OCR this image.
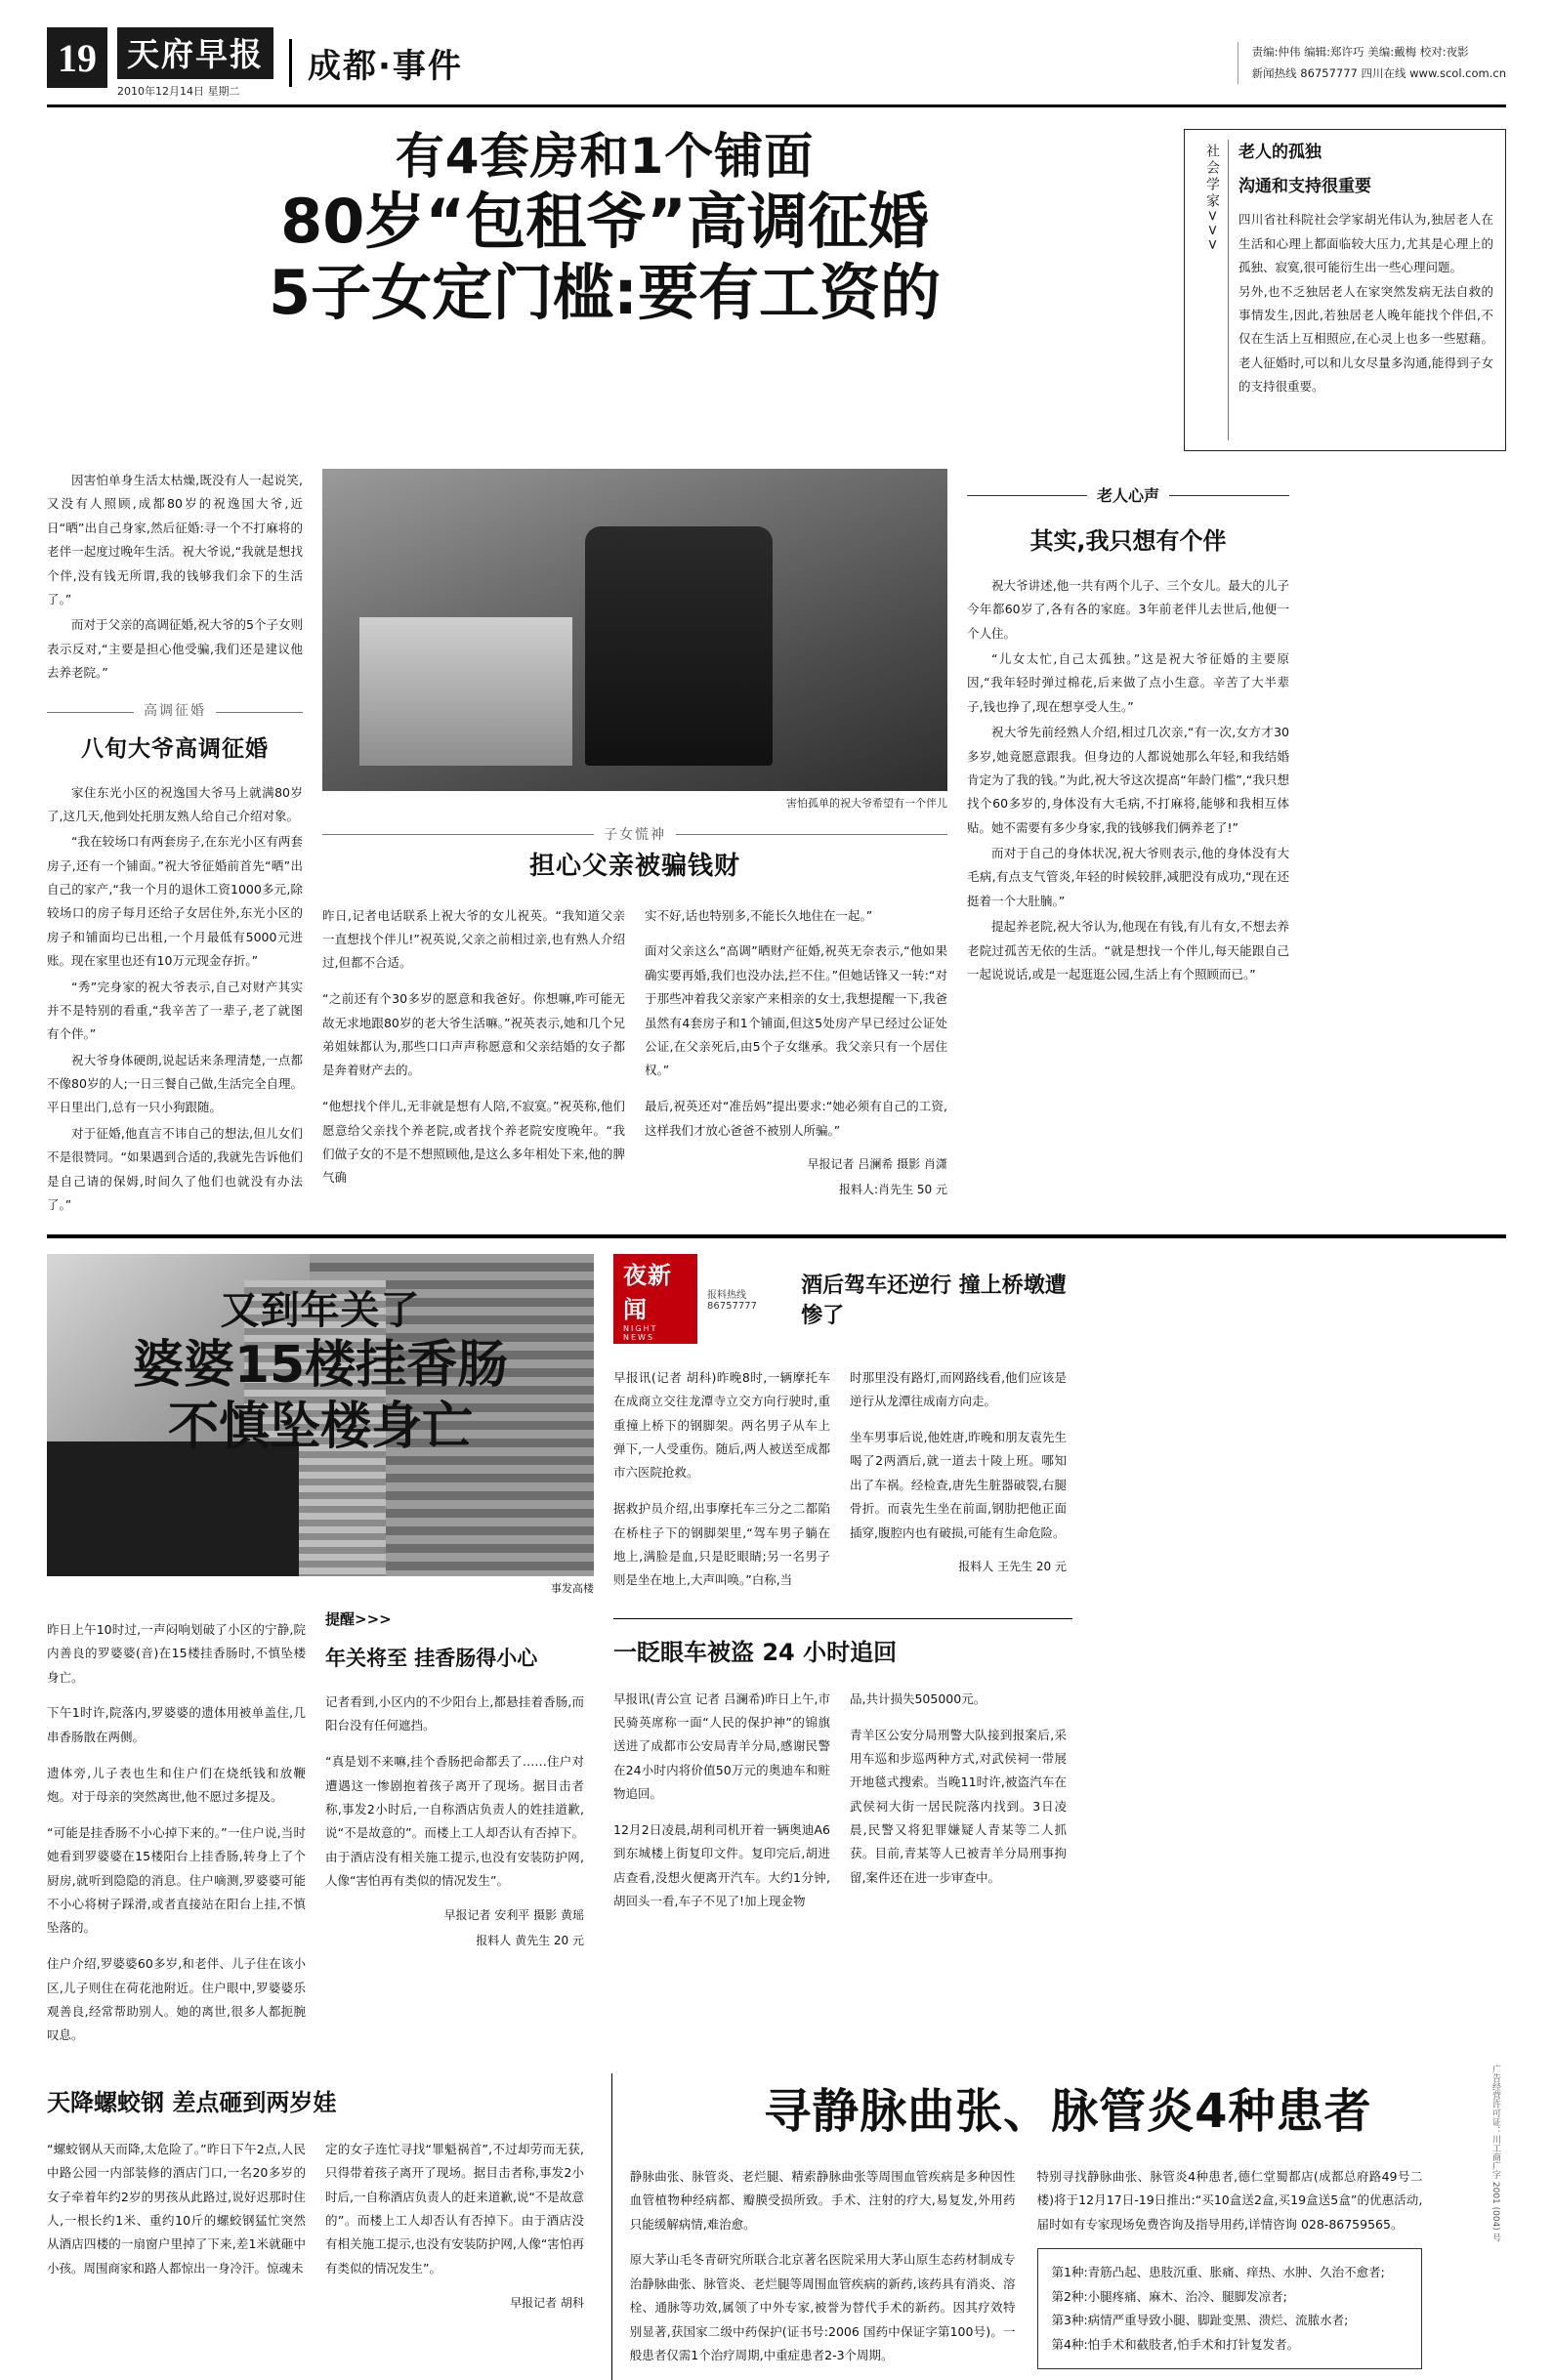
19 天府早报
2010年12月14日 星期二
成都·事件	责编:仲伟 编辑:郑许巧 美编:戴梅 校对:夜影
新闻热线 86757777 四川在线 www.scol.com.cn
有4套房和1个铺面
80岁“包租爷”高调征婚
5子女定门槛:要有工资的
社会学家>>>	老人的孤独
沟通和支持很重要
四川省社科院社会学家胡光伟认为,独居老人在生活和心理上都面临较大压力,尤其是心理上的孤独、寂寞,很可能衍生出一些心理问题。
另外,也不乏独居老人在家突然发病无法自救的事情发生,因此,若独居老人晚年能找个伴侣,不仅在生活上互相照应,在心灵上也多一些慰藉。老人征婚时,可以和儿女尽量多沟通,能得到子女的支持很重要。

因害怕单身生活太枯燥,既没有人一起说笑,又没有人照顾,成都80岁的祝逸国大爷,近日“晒”出自己身家,然后征婚:寻一个不打麻将的老伴一起度过晚年生活。祝大爷说,“我就是想找个伴,没有钱无所谓,我的钱够我们余下的生活了。”

而对于父亲的高调征婚,祝大爷的5个子女则表示反对,“主要是担心他受骗,我们还是建议他去养老院。”

高调征婚
八旬大爷高调征婚

家住东光小区的祝逸国大爷马上就满80岁了,这几天,他到处托朋友熟人给自己介绍对象。

“我在较场口有两套房子,在东光小区有两套房子,还有一个铺面。”祝大爷征婚前首先“晒”出自己的家产,“我一个月的退休工资1000多元,除较场口的房子每月还给子女居住外,东光小区的房子和铺面均已出租,一个月最低有5000元进账。现在家里也还有10万元现金存折。”

“秀”完身家的祝大爷表示,自己对财产其实并不是特别的看重,“我辛苦了一辈子,老了就图有个伴。”

祝大爷身体硬朗,说起话来条理清楚,一点都不像80岁的人;一日三餐自己做,生活完全自理。平日里出门,总有一只小狗跟随。

对于征婚,他直言不讳自己的想法,但儿女们不是很赞同。“如果遇到合适的,我就先告诉他们是自己请的保姆,时间久了他们也就没有办法了。”

害怕孤单的祝大爷希望有一个伴儿
子女慌神
担心父亲被骗钱财

昨日,记者电话联系上祝大爷的女儿祝英。“我知道父亲一直想找个伴儿!”祝英说,父亲之前相过亲,也有熟人介绍过,但都不合适。

“之前还有个30多岁的愿意和我爸好。你想嘛,咋可能无故无求地跟80岁的老大爷生活嘛。”祝英表示,她和几个兄弟姐妹都认为,那些口口声声称愿意和父亲结婚的女子都是奔着财产去的。

“他想找个伴儿,无非就是想有人陪,不寂寞。”祝英称,他们愿意给父亲找个养老院,或者找个养老院安度晚年。“我们做子女的不是不想照顾他,是这么多年相处下来,他的脾气确

实不好,话也特别多,不能长久地住在一起。”

面对父亲这么“高调”晒财产征婚,祝英无奈表示,“他如果确实要再婚,我们也没办法,拦不住。”但她话锋又一转:“对于那些冲着我父亲家产来相亲的女士,我想提醒一下,我爸虽然有4套房子和1个铺面,但这5处房产早已经过公证处公证,在父亲死后,由5个子女继承。我父亲只有一个居住权。”

最后,祝英还对“准岳妈”提出要求:“她必须有自己的工资,这样我们才放心爸爸不被别人所骗。”

早报记者 吕澜希 摄影 肖潇
报料人:肖先生 50 元
老人心声
其实,我只想有个伴

祝大爷讲述,他一共有两个儿子、三个女儿。最大的儿子今年都60岁了,各有各的家庭。3年前老伴儿去世后,他便一个人住。

“儿女太忙,自己太孤独。”这是祝大爷征婚的主要原因,“我年轻时弹过棉花,后来做了点小生意。辛苦了大半辈子,钱也挣了,现在想享受人生。”

祝大爷先前经熟人介绍,相过几次亲,“有一次,女方才30多岁,她竟愿意跟我。但身边的人都说她那么年轻,和我结婚肯定为了我的钱。”为此,祝大爷这次提高“年龄门槛”,“我只想找个60多岁的,身体没有大毛病,不打麻将,能够和我相互体贴。她不需要有多少身家,我的钱够我们俩养老了!”

而对于自己的身体状况,祝大爷则表示,他的身体没有大毛病,有点支气管炎,年轻的时候较胖,减肥没有成功,“现在还挺着一个大肚腩。”

提起养老院,祝大爷认为,他现在有钱,有儿有女,不想去养老院过孤苦无依的生活。“就是想找一个伴儿,每天能跟自己一起说说话,或是一起逛逛公园,生活上有个照顾而已。”

又到年关了
婆婆15楼挂香肠
不慎坠楼身亡
事发高楼

昨日上午10时过,一声闷响划破了小区的宁静,院内善良的罗婆婆(音)在15楼挂香肠时,不慎坠楼身亡。

下午1时许,院落内,罗婆婆的遗体用被单盖住,几串香肠散在两侧。

遗体旁,儿子表也生和住户们在烧纸钱和放鞭炮。对于母亲的突然离世,他不愿过多提及。

“可能是挂香肠不小心掉下来的。”一住户说,当时她看到罗婆婆在15楼阳台上挂香肠,转身上了个厨房,就听到隐隐的消息。住户嘀测,罗婆婆可能不小心将树子踩滑,或者直接站在阳台上挂,不慎坠落的。

住户介绍,罗婆婆60多岁,和老伴、儿子住在该小区,儿子则住在荷花池附近。住户眼中,罗婆婆乐观善良,经常帮助别人。她的离世,很多人都扼腕叹息。

提醒>>>
年关将至 挂香肠得小心

记者看到,小区内的不少阳台上,都悬挂着香肠,而阳台没有任何遮挡。

“真是划不来嘛,挂个香肠把命都丢了……住户对遭遇这一惨剧抱着孩子离开了现场。据目击者称,事发2小时后,一自称酒店负责人的姓挂道歉,说“不是故意的”。而楼上工人却否认有否掉下。由于酒店没有相关施工提示,也没有安装防护网,人像“害怕再有类似的情况发生”。

早报记者 安利平 摄影 黄瑶
报料人 黄先生 20 元
夜新闻
NIGHT NEWS
报料热线86757777
酒后驾车还逆行 撞上桥墩遭惨了

早报讯(记者 胡科)昨晚8时,一辆摩托车在成商立交往龙潭寺立交方向行驶时,重重撞上桥下的钢脚架。两名男子从车上弹下,一人受重伤。随后,两人被送至成都市六医院抢救。

据救护员介绍,出事摩托车三分之二都陷在桥柱子下的钢脚架里,“驾车男子躺在地上,满脸是血,只是眨眼睛;另一名男子则是坐在地上,大声叫唤。”白称,当

时那里没有路灯,而网路线看,他们应该是逆行从龙潭往成南方向走。

坐车男事后说,他姓唐,昨晚和朋友袁先生喝了2两酒后,就一道去十陵上班。哪知出了车祸。经检查,唐先生脏器破裂,右腿骨折。而袁先生坐在前面,钢肋把他正面插穿,腹腔内也有破损,可能有生命危险。

报料人 王先生 20 元
一眨眼车被盗 24 小时追回

早报讯(青公宣 记者 吕澜希)昨日上午,市民骑英席称一面“人民的保护神”的锦旗送进了成都市公安局青羊分局,感谢民警在24小时内将价值50万元的奥迪车和赃物追回。

12月2日凌晨,胡利司机开着一辆奥迪A6到东城楼上街复印文件。复印完后,胡进店查看,没想火便离开汽车。大约1分钟,胡回头一看,车子不见了!加上现金物

品,共计损失505000元。

青羊区公安分局刑警大队接到报案后,采用车巡和步巡两种方式,对武侯祠一带展开地毯式搜索。当晚11时许,被盗汽车在武侯祠大街一居民院落内找到。3日凌晨,民警又将犯罪嫌疑人青某等二人抓获。目前,青某等人已被青羊分局刑事拘留,案件还在进一步审查中。

天降螺蛟钢 差点砸到两岁娃

“螺蛟钢从天而降,太危险了。”昨日下午2点,人民中路公园一内部装修的酒店门口,一名20多岁的女子牵着年约2岁的男孩从此路过,说好迟那时住人,一根长约1米、重约10斤的螺蛟钢猛忙突然从酒店四楼的一扇窗户里掉了下来,差1米就砸中小孩。周围商家和路人都惊出一身冷汗。惊魂未

定的女子连忙寻找“罪魁祸首”,不过却劳而无获,只得带着孩子离开了现场。据目击者称,事发2小时后,一自称酒店负责人的赶来道歉,说“不是故意的”。而楼上工人却否认有否掉下。由于酒店没有相关施工提示,也没有安装防护网,人像“害怕再有类似的情况发生”。

早报记者 胡科
寻静脉曲张、脉管炎4种患者

静脉曲张、脉管炎、老烂腿、精索静脉曲张等周围血管疾病是多种因性血管植物种经病都、瓣膜受损所致。手术、注射的疗大,易复发,外用药只能缓解病情,难治愈。

原大茅山毛冬青研究所联合北京著名医院采用大茅山原生态药材制成专治静脉曲张、脉管炎、老烂腿等周围血管疾病的新药,该药具有消炎、溶栓、通脉等功效,属领了中外专家,被誉为替代手术的新药。因其疗效特别显著,获国家二级中药保护(证书号:2006 国药中保证字第100号)。一般患者仅需1个治疗周期,中重症患者2-3个周期。

特别寻找静脉曲张、脉管炎4种患者,德仁堂蜀都店(成都总府路49号二楼)将于12月17日-19日推出:“买10盒送2盒,买19盒送5盒”的优惠活动,届时如有专家现场免费咨询及指导用药,详情咨询 028-86759565。

第1种:青筋凸起、患肢沉重、胀痛、痒热、水肿、久治不愈者;
第2种:小腿疼痛、麻木、治冷、腿脚发凉者;
第3种:病情严重导致小腿、脚趾变黑、溃烂、流脓水者;
第4种:怕手术和截肢者,怕手术和打针复发者。
广告经营许可证：川工商广字 2001 (004) 号
